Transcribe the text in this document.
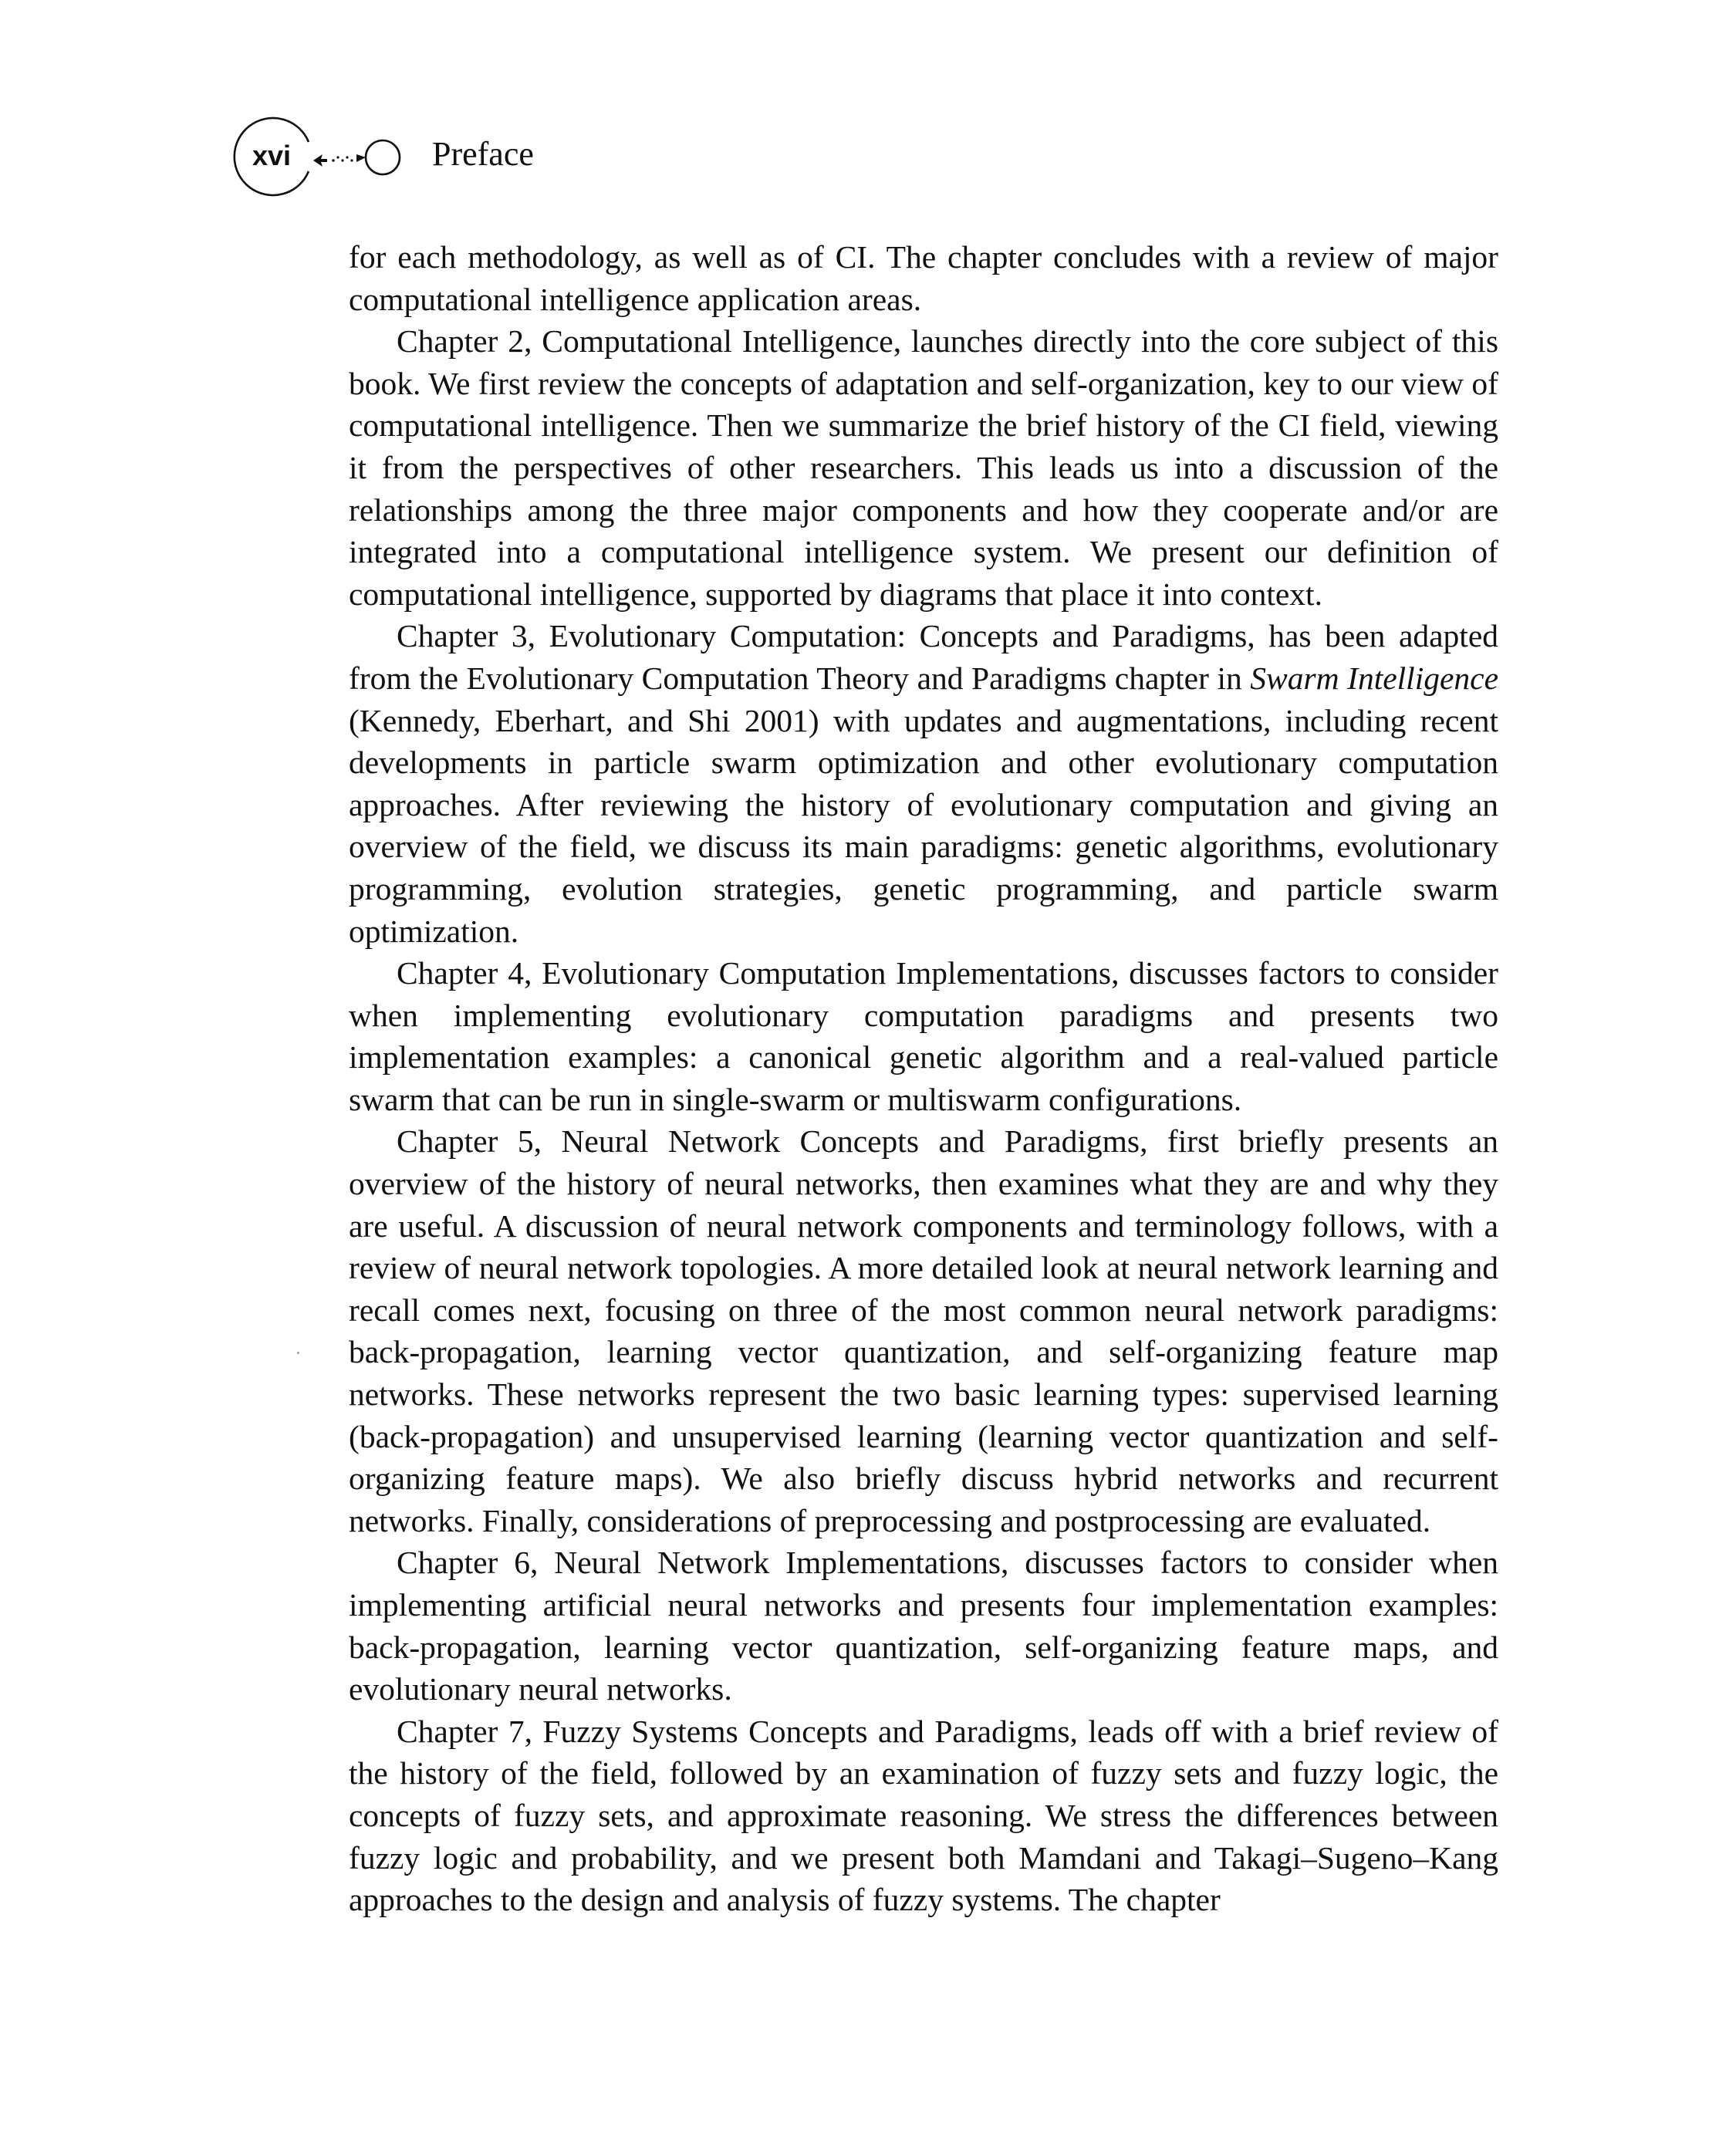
xvi	Preface

for each methodology, as well as of CI. The chapter concludes with a review of major computational intelligence application areas.

Chapter 2, Computational Intelligence, launches directly into the core subject of this book. We first review the concepts of adaptation and self-organization, key to our view of computational intelligence. Then we summarize the brief history of the CI field, viewing it from the perspectives of other researchers. This leads us into a discussion of the relationships among the three major components and how they cooperate and/or are integrated into a computational intelligence system. We present our definition of computational intelligence, supported by diagrams that place it into context.

Chapter 3, Evolutionary Computation: Concepts and Paradigms, has been adapted from the Evolutionary Computation Theory and Paradigms chapter in Swarm Intelligence (Kennedy, Eberhart, and Shi 2001) with updates and augmentations, including recent developments in particle swarm optimization and other evolutionary computation approaches. After reviewing the history of evolutionary computation and giving an overview of the field, we discuss its main paradigms: genetic algorithms, evolutionary programming, evolution strategies, genetic programming, and particle swarm optimization.

Chapter 4, Evolutionary Computation Implementations, discusses factors to consider when implementing evolutionary computation paradigms and presents two implementation examples: a canonical genetic algorithm and a real-valued particle swarm that can be run in single-swarm or multiswarm configurations.

Chapter 5, Neural Network Concepts and Paradigms, first briefly presents an overview of the history of neural networks, then examines what they are and why they are useful. A discussion of neural network components and terminology follows, with a review of neural network topologies. A more detailed look at neural network learning and recall comes next, focusing on three of the most common neural network paradigms: back-propagation, learning vector quantization, and self-organizing feature map networks. These networks represent the two basic learning types: supervised learning (back-propagation) and unsupervised learning (learning vector quantization and self-organizing feature maps). We also briefly discuss hybrid networks and recurrent networks. Finally, considerations of preprocessing and postprocessing are evaluated.

Chapter 6, Neural Network Implementations, discusses factors to consider when implementing artificial neural networks and presents four implementation examples: back-propagation, learning vector quantization, self-organizing feature maps, and evolutionary neural networks.

Chapter 7, Fuzzy Systems Concepts and Paradigms, leads off with a brief review of the history of the field, followed by an examination of fuzzy sets and fuzzy logic, the concepts of fuzzy sets, and approximate reasoning. We stress the differences between fuzzy logic and probability, and we present both Mamdani and Takagi–Sugeno–Kang approaches to the design and analysis of fuzzy systems. The chapter
